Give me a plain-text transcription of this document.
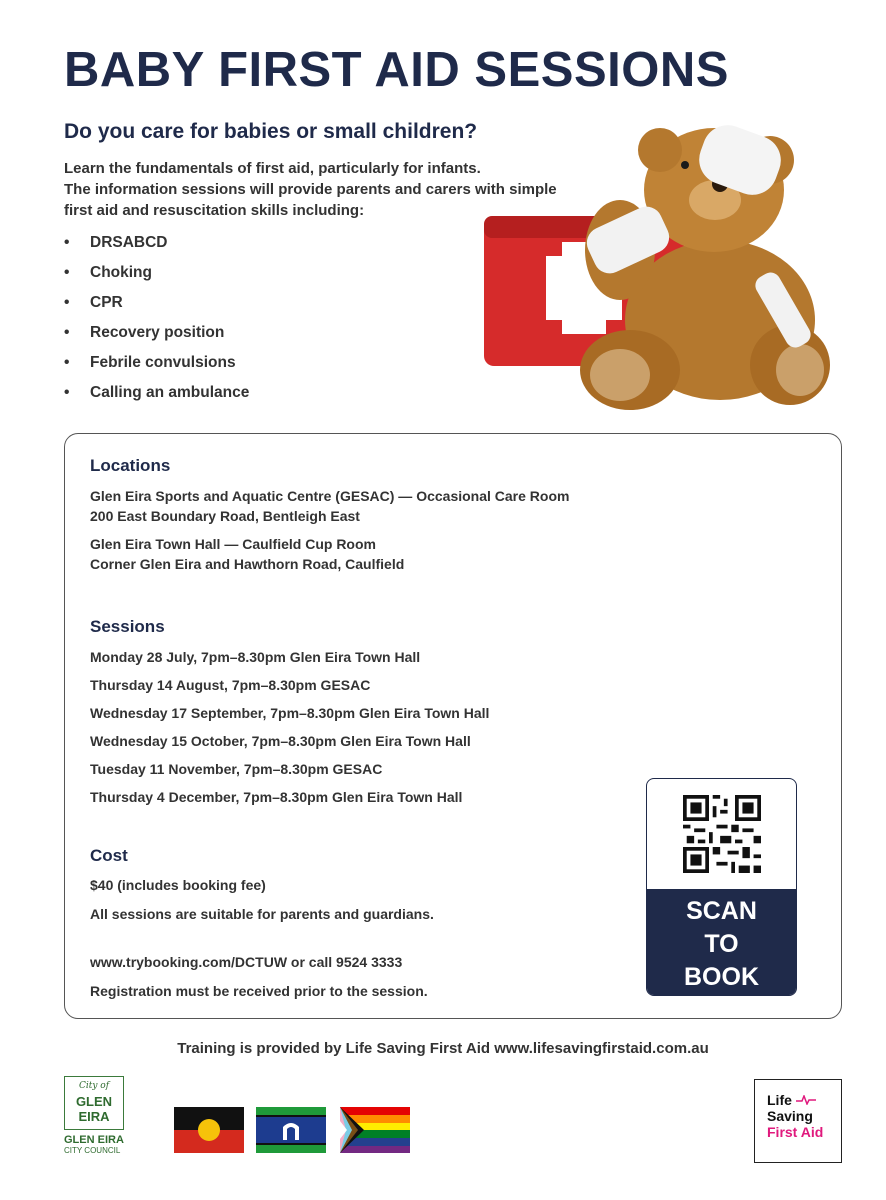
BABY FIRST AID SESSIONS
Do you care for babies or small children?
Learn the fundamentals of first aid, particularly for infants.
The information sessions will provide parents and carers with simple
first aid and resuscitation skills including:
• DRSABCD
• Choking
• CPR
• Recovery position
• Febrile convulsions
• Calling an ambulance
Locations
Glen Eira Sports and Aquatic Centre (GESAC) — Occasional Care Room
200 East Boundary Road, Bentleigh East
Glen Eira Town Hall — Caulfield Cup Room
Corner Glen Eira and Hawthorn Road, Caulfield
Sessions
Monday 28 July, 7pm–8.30pm Glen Eira Town Hall
Thursday 14 August, 7pm–8.30pm GESAC
Wednesday 17 September, 7pm–8.30pm Glen Eira Town Hall
Wednesday 15 October, 7pm–8.30pm Glen Eira Town Hall
Tuesday 11 November, 7pm–8.30pm GESAC
Thursday 4 December, 7pm–8.30pm Glen Eira Town Hall
Cost
$40 (includes booking fee)
All sessions are suitable for parents and guardians.
www.trybooking.com/DCTUW or call 9524 3333
Registration must be received prior to the session.
SCAN
TO
BOOK
Training is provided by Life Saving First Aid www.lifesavingfirstaid.com.au
City of
GLEN
EIRA
GLEN EIRA
CITY COUNCIL
Life
Saving
First Aid
